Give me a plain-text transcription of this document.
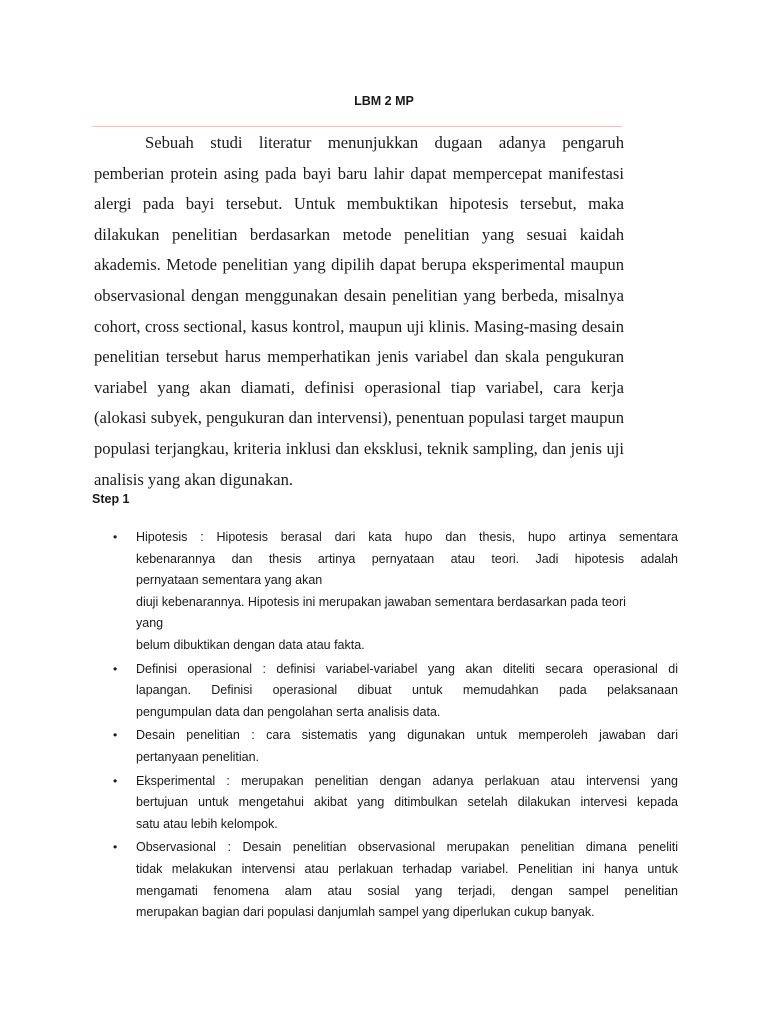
LBM 2 MP

Sebuah studi literatur menunjukkan dugaan adanya pengaruh pemberian protein asing pada bayi baru lahir dapat mempercepat manifestasi alergi pada bayi tersebut. Untuk membuktikan hipotesis tersebut, maka dilakukan penelitian berdasarkan metode penelitian yang sesuai kaidah akademis. Metode penelitian yang dipilih dapat berupa eksperimental maupun observasional dengan menggunakan desain penelitian yang berbeda, misalnya cohort, cross sectional, kasus kontrol, maupun uji klinis. Masing-masing desain penelitian tersebut harus memperhatikan jenis variabel dan skala pengukuran variabel yang akan diamati, definisi operasional tiap variabel, cara kerja (alokasi subyek, pengukuran dan intervensi), penentuan populasi target maupun populasi terjangkau, kriteria inklusi dan eksklusi, teknik sampling, dan jenis uji analisis yang akan digunakan.

Step 1
• Hipotesis : Hipotesis berasal dari kata hupo dan thesis, hupo artinya sementara
kebenarannya dan thesis artinya pernyataan atau teori. Jadi hipotesis adalah
pernyataan sementara yang akan
diuji kebenarannya. Hipotesis ini merupakan jawaban sementara berdasarkan pada teori
yang
belum dibuktikan dengan data atau fakta.
• Definisi operasional : definisi variabel-variabel yang akan diteliti secara operasional di
lapangan. Definisi operasional dibuat untuk memudahkan pada pelaksanaan
pengumpulan data dan pengolahan serta analisis data.
• Desain penelitian : cara sistematis yang digunakan untuk memperoleh jawaban dari
pertanyaan penelitian.
• Eksperimental : merupakan penelitian dengan adanya perlakuan atau intervensi yang
bertujuan untuk mengetahui akibat yang ditimbulkan setelah dilakukan intervesi kepada
satu atau lebih kelompok.
• Observasional : Desain penelitian observasional merupakan penelitian dimana peneliti
tidak melakukan intervensi atau perlakuan terhadap variabel. Penelitian ini hanya untuk
mengamati fenomena alam atau sosial yang terjadi, dengan sampel penelitian
merupakan bagian dari populasi danjumlah sampel yang diperlukan cukup banyak.
